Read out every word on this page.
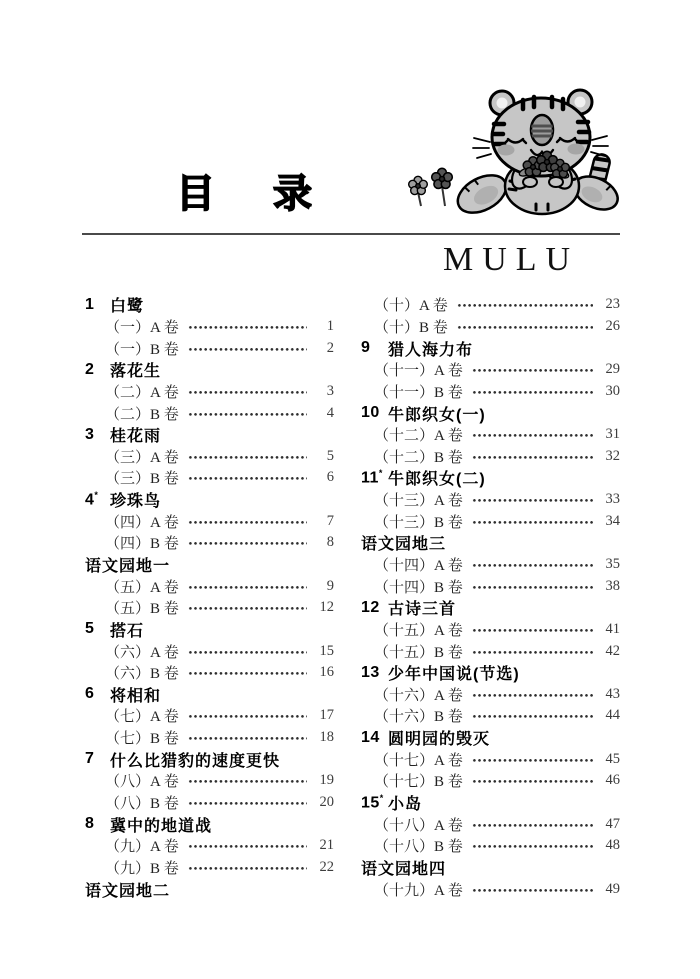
目录
MULU
1 白鹭
（一）A 卷	1
（一）B 卷	2
2 落花生
（二）A 卷	3
（二）B 卷	4
3 桂花雨
（三）A 卷	5
（三）B 卷	6
4* 珍珠鸟
（四）A 卷	7
（四）B 卷	8
语文园地一
（五）A 卷	9
（五）B 卷	12
5 搭石
（六）A 卷	15
（六）B 卷	16
6 将相和
（七）A 卷	17
（七）B 卷	18
7 什么比猎豹的速度更快
（八）A 卷	19
（八）B 卷	20
8 冀中的地道战
（九）A 卷	21
（九）B 卷	22
语文园地二
（十）A 卷	23
（十）B 卷	26
9	猎人海力布
（十一）A 卷	29
（十一）B 卷	30
10 牛郎织女(一)
（十二）A 卷	31
（十二）B 卷	32
11* 牛郎织女(二)
（十三）A 卷	33
（十三）B 卷	34
语文园地三
（十四）A 卷	35
（十四）B 卷	38
12 古诗三首
（十五）A 卷	41
（十五）B 卷	42
13 少年中国说(节选)
（十六）A 卷	43
（十六）B 卷	44
14 圆明园的毁灭
（十七）A 卷	45
（十七）B 卷	46
15* 小岛
（十八）A 卷	47
（十八）B 卷	48
语文园地四
（十九）A 卷	49
